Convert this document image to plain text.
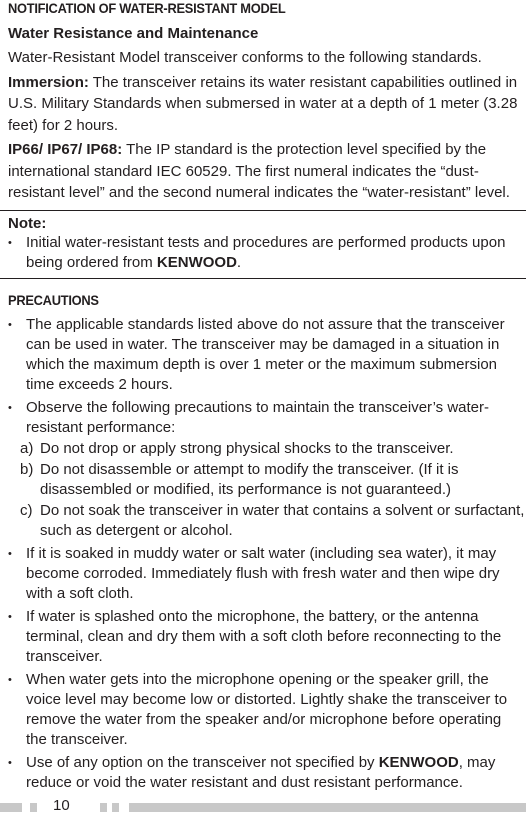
NOTIFICATION OF WATER-RESISTANT MODEL
Water Resistance and Maintenance

Water-Resistant Model transceiver conforms to the following standards.

Immersion: The transceiver retains its water resistant capabilities outlined in U.S. Military Standards when submersed in water at a depth of 1 meter (3.28 feet) for 2 hours.

IP66/ IP67/ IP68: The IP standard is the protection level specified by the international standard IEC 60529. The first numeral indicates the “dust-resistant level” and the second numeral indicates the “water-resistant” level.

Note:
• Initial water-resistant tests and procedures are performed products upon being ordered from KENWOOD.
PRECAUTIONS
• The applicable standards listed above do not assure that the transceiver can be used in water. The transceiver may be damaged in a situation in which the maximum depth is over 1 meter or the maximum submersion time exceeds 2 hours.
• Observe the following precautions to maintain the transceiver’s water-resistant performance:
a) Do not drop or apply strong physical shocks to the transceiver.
b) Do not disassemble or attempt to modify the transceiver. (If it is disassembled or modified, its performance is not guaranteed.)
c) Do not soak the transceiver in water that contains a solvent or surfactant, such as detergent or alcohol.
• If it is soaked in muddy water or salt water (including sea water), it may become corroded. Immediately flush with fresh water and then wipe dry with a soft cloth.
• If water is splashed onto the microphone, the battery, or the antenna terminal, clean and dry them with a soft cloth before reconnecting to the transceiver.
• When water gets into the microphone opening or the speaker grill, the voice level may become low or distorted. Lightly shake the transceiver to remove the water from the speaker and/or microphone before operating the transceiver.
• Use of any option on the transceiver not specified by KENWOOD, may reduce or void the water resistant and dust resistant performance.
10
